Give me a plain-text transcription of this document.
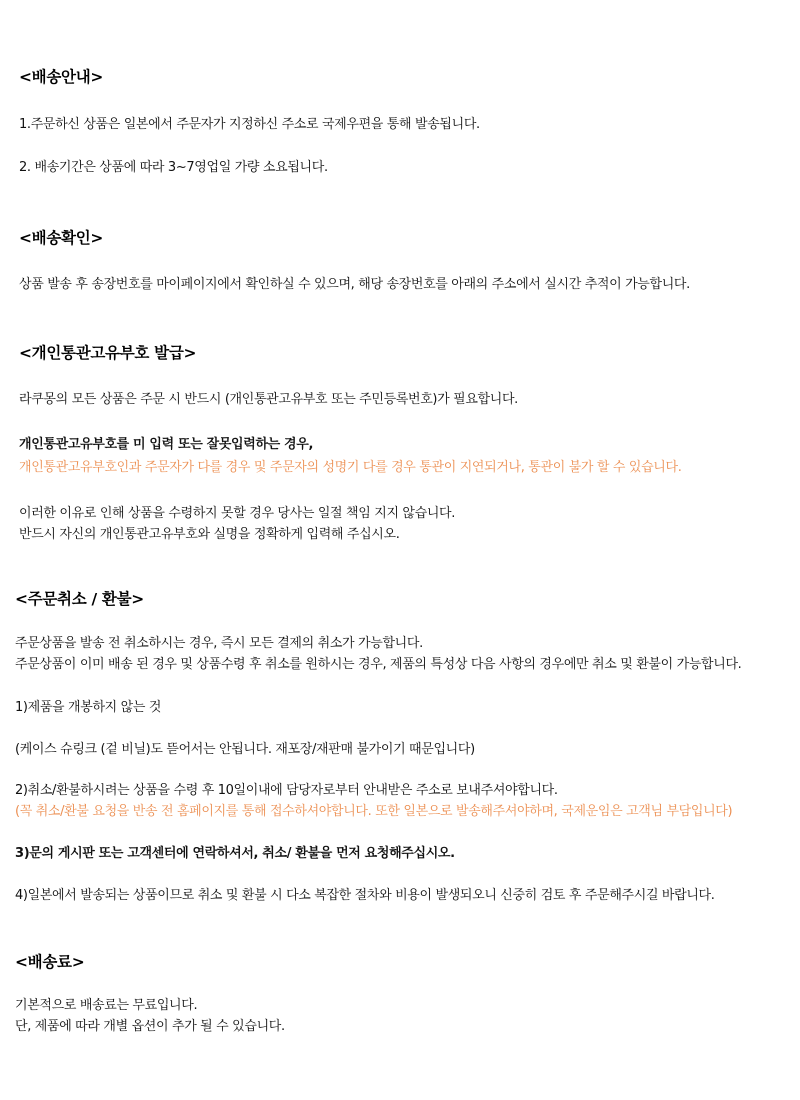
<배송안내>
1.주문하신 상품은 일본에서 주문자가 지정하신 주소로 국제우편을 통해 발송됩니다.
2. 배송기간은 상품에 따라 3~7영업일 가량 소요됩니다.
<배송확인>
상품 발송 후 송장번호를 마이페이지에서 확인하실 수 있으며, 해당 송장번호를 아래의 주소에서 실시간 추적이 가능합니다.
<개인통관고유부호 발급>
라쿠몽의 모든 상품은 주문 시 반드시 (개인통관고유부호 또는 주민등록번호)가 필요합니다.
개인통관고유부호를 미 입력 또는 잘못입력하는 경우,
개인통관고유부호인과 주문자가 다를 경우 및 주문자의 성명기 다를 경우 통관이 지연되거나, 통관이 불가 할 수 있습니다.
이러한 이유로 인해 상품을 수령하지 못할 경우 당사는 일절 책임 지지 않습니다.
반드시 자신의 개인통관고유부호와 실명을 정확하게 입력해 주십시오.
<주문취소 / 환불>
주문상품을 발송 전 취소하시는 경우, 즉시 모든 결제의 취소가 가능합니다.
주문상품이 이미 배송 된 경우 및 상품수령 후 취소를 원하시는 경우, 제품의 특성상 다음 사항의 경우에만 취소 및 환불이 가능합니다.
1)제품을 개봉하지 않는 것
(케이스 슈링크 (겉 비닐)도 뜯어서는 안됩니다. 재포장/재판매 불가이기 때문입니다)
2)취소/환불하시려는 상품을 수령 후 10일이내에 담당자로부터 안내받은 주소로 보내주셔야합니다.
(꼭 취소/환불 요청을 반송 전 홈페이지를 통해 접수하셔야합니다. 또한 일본으로 발송해주셔야하며, 국제운임은 고객님 부담입니다)
3)문의 게시판 또는 고객센터에 연락하셔서, 취소/ 환불을 먼저 요청해주십시오.
4)일본에서 발송되는 상품이므로 취소 및 환불 시 다소 복잡한 절차와 비용이 발생되오니 신중히 검토 후 주문해주시길 바랍니다.
<배송료>
기본적으로 배송료는 무료입니다.
단, 제품에 따라 개별 옵션이 추가 될 수 있습니다.
